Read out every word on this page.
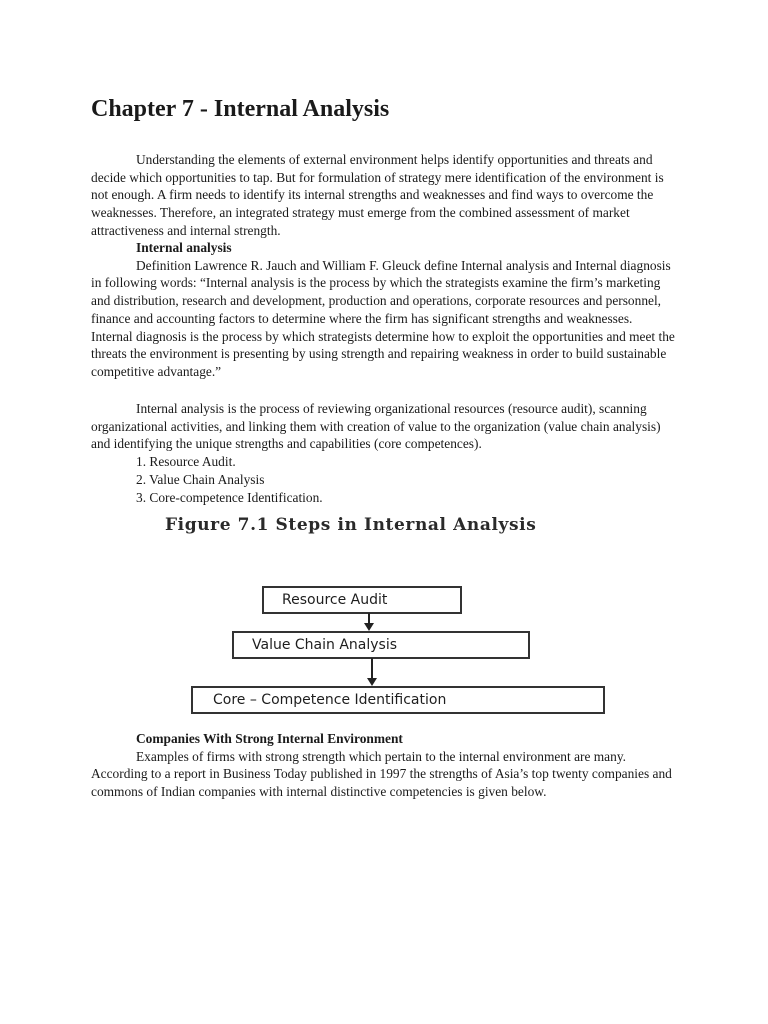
Chapter 7 - Internal Analysis

Understanding the elements of external environment helps identify opportunities and threats and decide which opportunities to tap. But for formulation of strategy mere identification of the environment is not enough. A firm needs to identify its internal strengths and weaknesses and find ways to overcome the weaknesses. Therefore, an integrated strategy must emerge from the combined assessment of market attractiveness and internal strength.

Internal analysis

Definition Lawrence R. Jauch and William F. Gleuck define Internal analysis and Internal diagnosis in following words: “Internal analysis is the process by which the strategists examine the firm’s marketing and distribution, research and development, production and operations, corporate resources and personnel, finance and accounting factors to determine where the firm has significant strengths and weaknesses. Internal diagnosis is the process by which strategists determine how to exploit the opportunities and meet the threats the environment is presenting by using strength and repairing weakness in order to build sustainable competitive advantage.”

Internal analysis is the process of reviewing organizational resources (resource audit), scanning organizational activities, and linking them with creation of value to the organization (value chain analysis) and identifying the unique strengths and capabilities (core competences).

1. Resource Audit.
2. Value Chain Analysis
3. Core-competence Identification.
Figure 7.1 Steps in Internal Analysis
Resource Audit
Value Chain Analysis
Core – Competence Identification
Companies With Strong Internal Environment

Examples of firms with strong strength which pertain to the internal environment are many. According to a report in Business Today published in 1997 the strengths of Asia’s top twenty companies and commons of Indian companies with internal distinctive competencies is given below.
